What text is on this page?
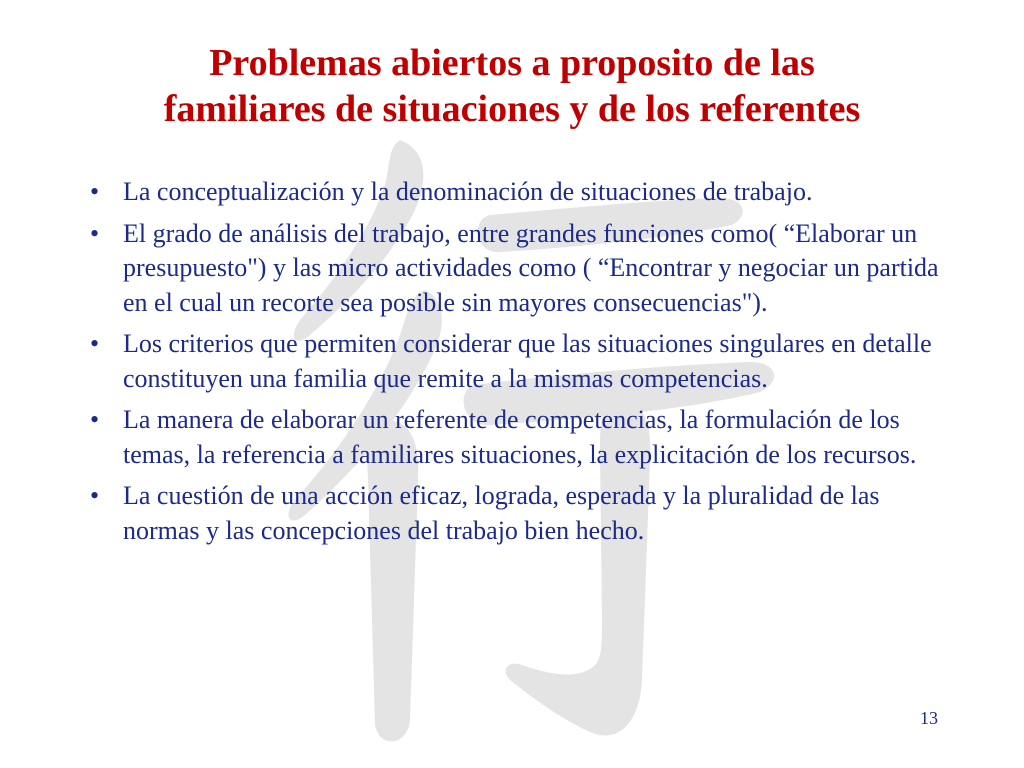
Problemas abiertos a proposito de las
familiares de situaciones y de los referentes
• La conceptualización y la denominación de situaciones de trabajo.
• El grado de análisis del trabajo, entre grandes funciones como( “Elaborar un presupuesto") y las micro actividades como ( “Encontrar y negociar un partida en el cual un recorte sea posible sin mayores consecuencias").
• Los criterios que permiten considerar que las situaciones singulares en detalle constituyen una familia que remite a la mismas competencias.
• La manera de elaborar un referente de competencias, la formulación de los temas, la referencia a familiares situaciones, la explicitación de los recursos.
• La cuestión de una acción eficaz, lograda, esperada y la pluralidad de las normas y las concepciones del trabajo bien hecho.
13
